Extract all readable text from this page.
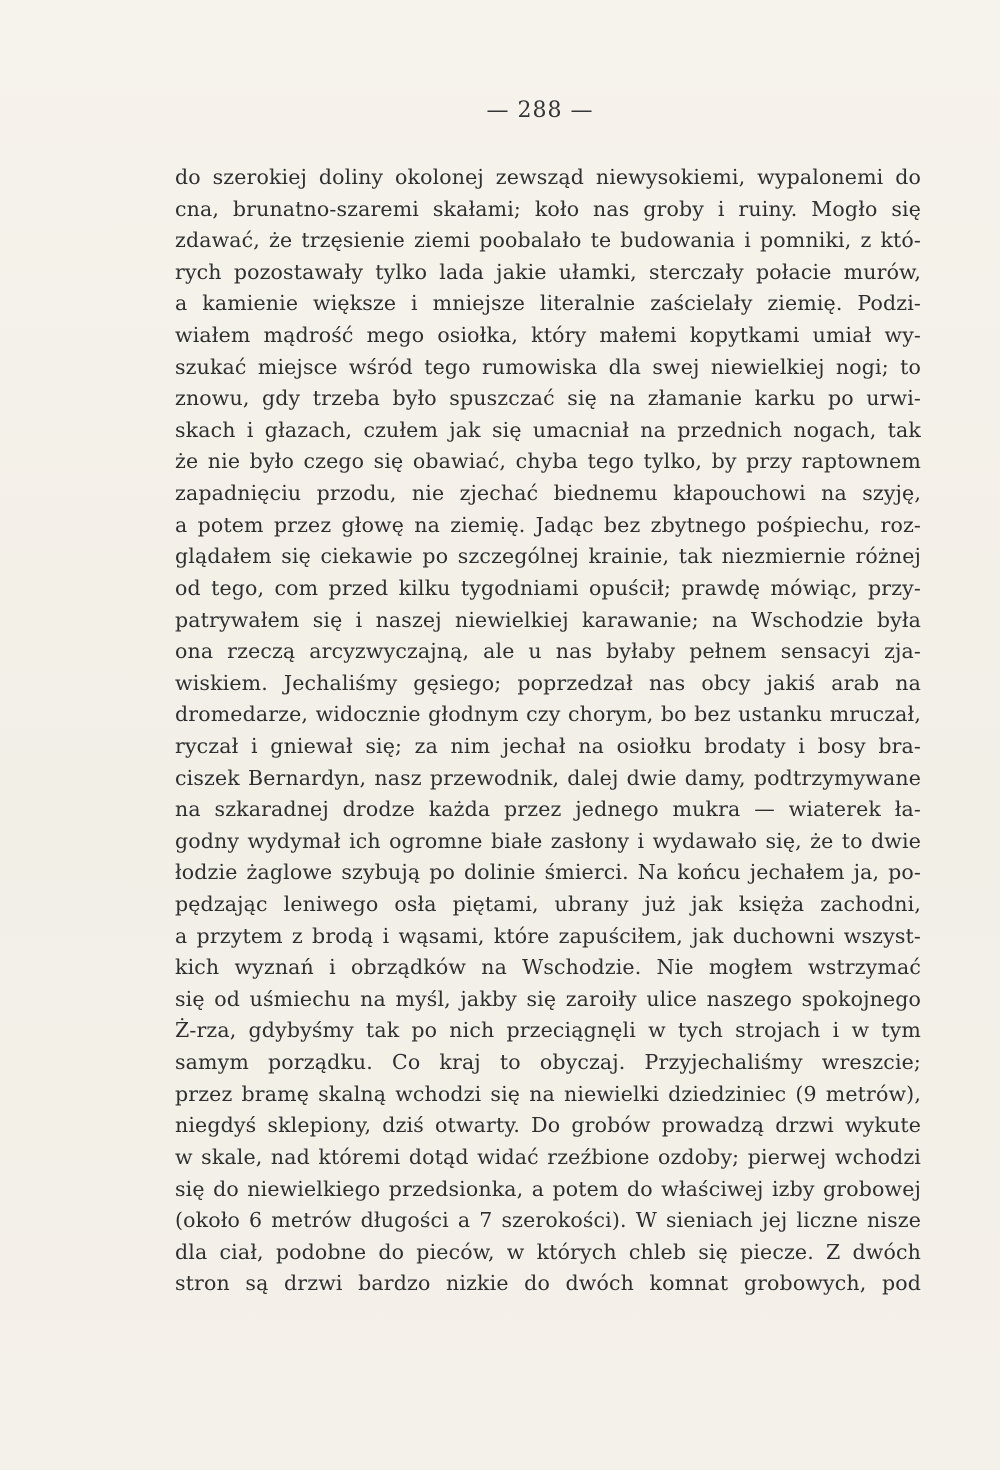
— 288 —
do szerokiej doliny okolonej zewsząd niewysokiemi, wypalonemi do
cna, brunatno-szaremi skałami; koło nas groby i ruiny. Mogło się
zdawać, że trzęsienie ziemi poobalało te budowania i pomniki, z któ-
rych pozostawały tylko lada jakie ułamki, sterczały połacie murów,
a kamienie większe i mniejsze literalnie zaścielały ziemię. Podzi-
wiałem mądrość mego osiołka, który małemi kopytkami umiał wy-
szukać miejsce wśród tego rumowiska dla swej niewielkiej nogi; to
znowu, gdy trzeba było spuszczać się na złamanie karku po urwi-
skach i głazach, czułem jak się umacniał na przednich nogach, tak
że nie było czego się obawiać, chyba tego tylko, by przy raptownem
zapadnięciu przodu, nie zjechać biednemu kłapouchowi na szyję,
a potem przez głowę na ziemię. Jadąc bez zbytnego pośpiechu, roz-
glądałem się ciekawie po szczególnej krainie, tak niezmiernie różnej
od tego, com przed kilku tygodniami opuścił; prawdę mówiąc, przy-
patrywałem się i naszej niewielkiej karawanie; na Wschodzie była
ona rzeczą arcyzwyczajną, ale u nas byłaby pełnem sensacyi zja-
wiskiem. Jechaliśmy gęsiego; poprzedzał nas obcy jakiś arab na
dromedarze, widocznie głodnym czy chorym, bo bez ustanku mruczał,
ryczał i gniewał się; za nim jechał na osiołku brodaty i bosy bra-
ciszek Bernardyn, nasz przewodnik, dalej dwie damy, podtrzymywane
na szkaradnej drodze każda przez jednego mukra — wiaterek ła-
godny wydymał ich ogromne białe zasłony i wydawało się, że to dwie
łodzie żaglowe szybują po dolinie śmierci. Na końcu jechałem ja, po-
pędzając leniwego osła piętami, ubrany już jak księża zachodni,
a przytem z brodą i wąsami, które zapuściłem, jak duchowni wszyst-
kich wyznań i obrządków na Wschodzie. Nie mogłem wstrzymać
się od uśmiechu na myśl, jakby się zaroiły ulice naszego spokojnego
Ż-rza, gdybyśmy tak po nich przeciągnęli w tych strojach i w tym
samym porządku. Co kraj to obyczaj. Przyjechaliśmy wreszcie;
przez bramę skalną wchodzi się na niewielki dziedziniec (9 metrów),
niegdyś sklepiony, dziś otwarty. Do grobów prowadzą drzwi wykute
w skale, nad któremi dotąd widać rzeźbione ozdoby; pierwej wchodzi
się do niewielkiego przedsionka, a potem do właściwej izby grobowej
(około 6 metrów długości a 7 szerokości). W sieniach jej liczne nisze
dla ciał, podobne do pieców, w których chleb się piecze. Z dwóch
stron są drzwi bardzo nizkie do dwóch komnat grobowych, pod
